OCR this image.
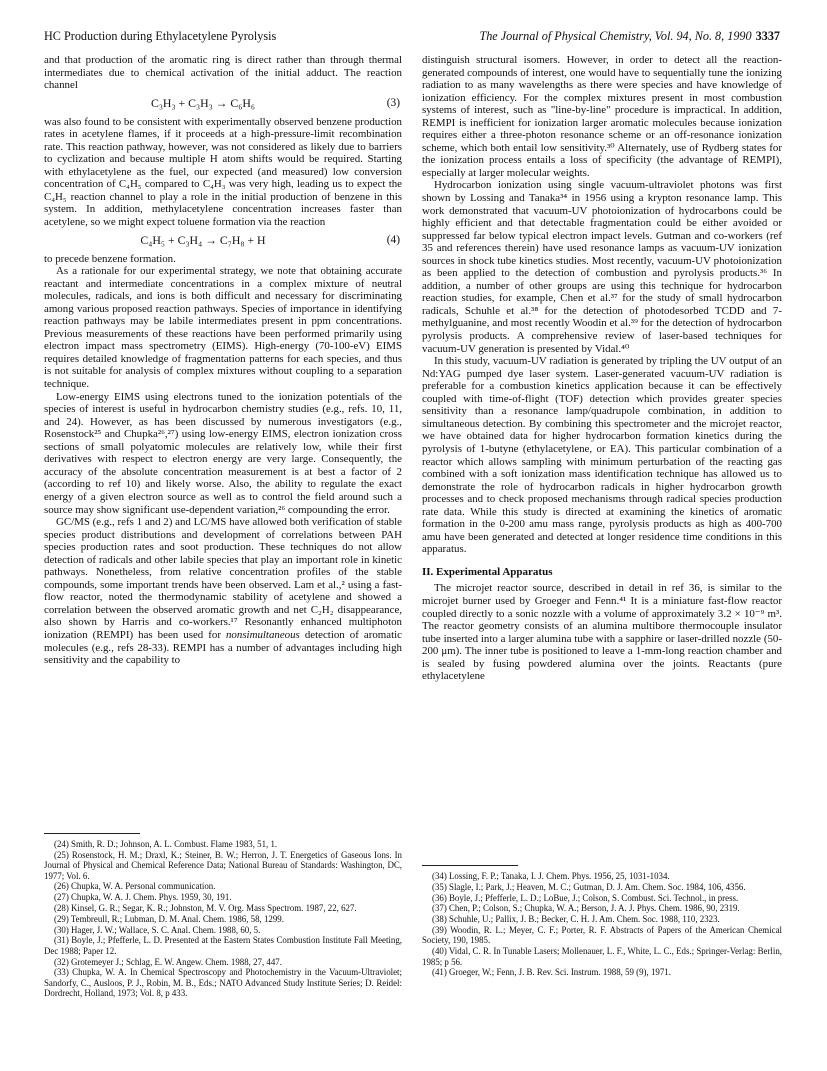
HC Production during Ethylacetylene Pyrolysis	The Journal of Physical Chemistry, Vol. 94, No. 8, 1990 3337

and that production of the aromatic ring is direct rather than through thermal intermediates due to chemical activation of the initial adduct. The reaction channel

C₃H₃ + C₃H₃ → C₆H₆	(3)

was also found to be consistent with experimentally observed benzene production rates in acetylene flames, if it proceeds at a high-pressure-limit recombination rate. This reaction pathway, however, was not considered as likely due to barriers to cyclization and because multiple H atom shifts would be required. Starting with ethylacetylene as the fuel, our expected (and measured) low conversion concentration of C₄H₅ compared to C₄H₃ was very high, leading us to expect the C₄H₅ reaction channel to play a role in the initial production of benzene in this system. In addition, methylacetylene concentration increases faster than acetylene, so we might expect toluene formation via the reaction

C₄H₅ + C₃H₄ → C₇H₈ + H	(4)

to precede benzene formation.

As a rationale for our experimental strategy, we note that obtaining accurate reactant and intermediate concentrations in a complex mixture of neutral molecules, radicals, and ions is both difficult and necessary for discriminating among various proposed reaction pathways. Species of importance in identifying reaction pathways may be labile intermediates present in ppm concentrations. Previous measurements of these reactions have been performed primarily using electron impact mass spectrometry (EIMS). High-energy (70-100-eV) EIMS requires detailed knowledge of fragmentation patterns for each species, and thus is not suitable for analysis of complex mixtures without coupling to a separation technique.

Low-energy EIMS using electrons tuned to the ionization potentials of the species of interest is useful in hydrocarbon chemistry studies (e.g., refs. 10, 11, and 24). However, as has been discussed by numerous investigators (e.g., Rosenstock²⁵ and Chupka²⁶,²⁷) using low-energy EIMS, electron ionization cross sections of small polyatomic molecules are relatively low, while their first derivatives with respect to electron energy are very large. Consequently, the accuracy of the absolute concentration measurement is at best a factor of 2 (according to ref 10) and likely worse. Also, the ability to regulate the exact energy of a given electron source as well as to control the field around such a source may show significant use-dependent variation,²⁶ compounding the error.

GC/MS (e.g., refs 1 and 2) and LC/MS have allowed both verification of stable species product distributions and development of correlations between PAH species production rates and soot production. These techniques do not allow detection of radicals and other labile species that play an important role in kinetic pathways. Nonetheless, from relative concentration profiles of the stable compounds, some important trends have been observed. Lam et al.,² using a fast-flow reactor, noted the thermodynamic stability of acetylene and showed a correlation between the observed aromatic growth and net C₂H₂ disappearance, also shown by Harris and co-workers.¹⁷ Resonantly enhanced multiphoton ionization (REMPI) has been used for nonsimultaneous detection of aromatic molecules (e.g., refs 28-33). REMPI has a number of advantages including high sensitivity and the capability to

(24) Smith, R. D.; Johnson, A. L. Combust. Flame 1983, 51, 1.

(25) Rosenstock, H. M.; Draxl, K.; Steiner, B. W.; Herron, J. T. Energetics of Gaseous Ions. In Journal of Physical and Chemical Reference Data; National Bureau of Standards: Washington, DC, 1977; Vol. 6.

(26) Chupka, W. A. Personal communication.

(27) Chupka, W. A. J. Chem. Phys. 1959, 30, 191.

(28) Kinsel, G. R.; Segar, K. R.; Johnston, M. V. Org. Mass Spectrom. 1987, 22, 627.

(29) Tembreull, R.; Lubman, D. M. Anal. Chem. 1986, 58, 1299.

(30) Hager, J. W.; Wallace, S. C. Anal. Chem. 1988, 60, 5.

(31) Boyle, J.; Pfefferle, L. D. Presented at the Eastern States Combustion Institute Fall Meeting, Dec 1988; Paper 12.

(32) Grotemeyer J.; Schlag, E. W. Angew. Chem. 1988, 27, 447.

(33) Chupka, W. A. In Chemical Spectroscopy and Photochemistry in the Vacuum-Ultraviolet; Sandorfy, C., Ausloos, P. J., Robin, M. B., Eds.; NATO Advanced Study Institute Series; D. Reidel: Dordrecht, Holland, 1973; Vol. 8, p 433.

distinguish structural isomers. However, in order to detect all the reaction-generated compounds of interest, one would have to sequentially tune the ionizing radiation to as many wavelengths as there were species and have knowledge of ionization efficiency. For the complex mixtures present in most combustion systems of interest, such as "line-by-line" procedure is impractical. In addition, REMPI is inefficient for ionization larger aromatic molecules because ionization requires either a three-photon resonance scheme or an off-resonance ionization scheme, which both entail low sensitivity.³⁰ Alternately, use of Rydberg states for the ionization process entails a loss of specificity (the advantage of REMPI), especially at larger molecular weights.

Hydrocarbon ionization using single vacuum-ultraviolet photons was first shown by Lossing and Tanaka³⁴ in 1956 using a krypton resonance lamp. This work demonstrated that vacuum-UV photoionization of hydrocarbons could be highly efficient and that detectable fragmentation could be either avoided or suppressed far below typical electron impact levels. Gutman and co-workers (ref 35 and references therein) have used resonance lamps as vacuum-UV ionization sources in shock tube kinetics studies. Most recently, vacuum-UV photoionization as been applied to the detection of combustion and pyrolysis products.³⁶ In addition, a number of other groups are using this technique for hydrocarbon reaction studies, for example, Chen et al.³⁷ for the study of small hydrocarbon radicals, Schuhle et al.³⁸ for the detection of photodesorbed TCDD and 7-methylguanine, and most recently Woodin et al.³⁹ for the detection of hydrocarbon pyrolysis products. A comprehensive review of laser-based techniques for vacuum-UV generation is presented by Vidal.⁴⁰

In this study, vacuum-UV radiation is generated by tripling the UV output of an Nd:YAG pumped dye laser system. Laser-generated vacuum-UV radiation is preferable for a combustion kinetics application because it can be effectively coupled with time-of-flight (TOF) detection which provides greater species sensitivity than a resonance lamp/quadrupole combination, in addition to simultaneous detection. By combining this spectrometer and the microjet reactor, we have obtained data for higher hydrocarbon formation kinetics during the pyrolysis of 1-butyne (ethylacetylene, or EA). This particular combination of a reactor which allows sampling with minimum perturbation of the reacting gas combined with a soft ionization mass identification technique has allowed us to demonstrate the role of hydrocarbon radicals in higher hydrocarbon growth processes and to check proposed mechanisms through radical species production rate data. While this study is directed at examining the kinetics of aromatic formation in the 0-200 amu mass range, pyrolysis products as high as 400-700 amu have been generated and detected at longer residence time conditions in this apparatus.

II. Experimental Apparatus

The microjet reactor source, described in detail in ref 36, is similar to the microjet burner used by Groeger and Fenn.⁴¹ It is a miniature fast-flow reactor coupled directly to a sonic nozzle with a volume of approximately 3.2 × 10⁻⁹ m³. The reactor geometry consists of an alumina multibore thermocouple insulator tube inserted into a larger alumina tube with a sapphire or laser-drilled nozzle (50-200 μm). The inner tube is positioned to leave a 1-mm-long reaction chamber and is sealed by fusing powdered alumina over the joints. Reactants (pure ethylacetylene

(34) Lossing, F. P.; Tanaka, I. J. Chem. Phys. 1956, 25, 1031-1034.

(35) Slagle, I.; Park, J.; Heaven, M. C.; Gutman, D. J. Am. Chem. Soc. 1984, 106, 4356.

(36) Boyle, J.; Pfefferle, L. D.; LoBue, J.; Colson, S. Combust. Sci. Technol., in press.

(37) Chen, P.; Colson, S.; Chupka, W. A.; Berson, J. A. J. Phys. Chem. 1986, 90, 2319.

(38) Schuhle, U.; Pallix, J. B.; Becker, C. H. J. Am. Chem. Soc. 1988, 110, 2323.

(39) Woodin, R. L.; Meyer, C. F.; Porter, R. F. Abstracts of Papers of the American Chemical Society, 190, 1985.

(40) Vidal, C. R. In Tunable Lasers; Mollenauer, L. F., White, L. C., Eds.; Springer-Verlag: Berlin, 1985; p 56.

(41) Groeger, W.; Fenn, J. B. Rev. Sci. Instrum. 1988, 59 (9), 1971.
